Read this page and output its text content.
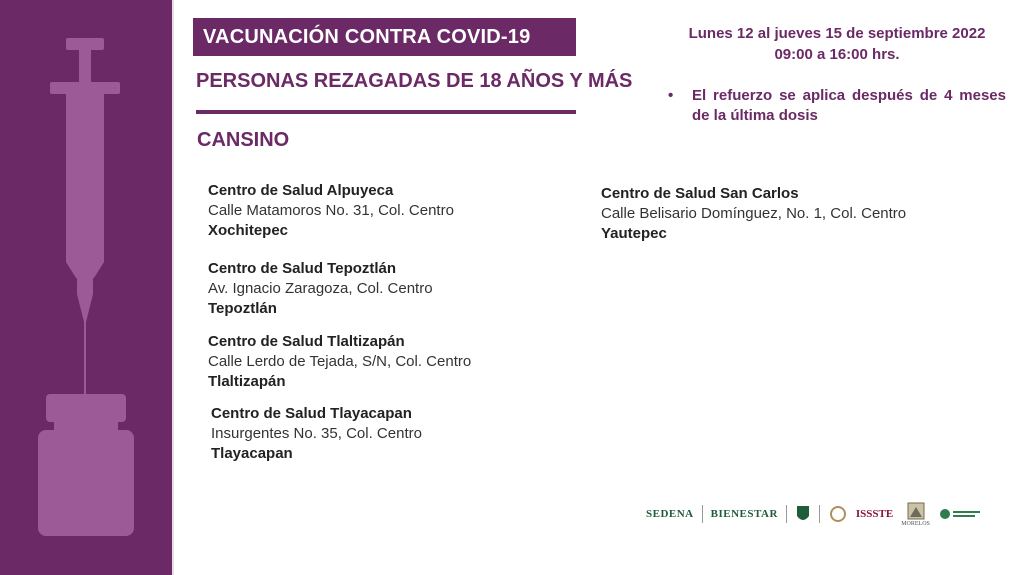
VACUNACIÓN CONTRA COVID-19
PERSONAS REZAGADAS DE 18 AÑOS Y MÁS
CANSINO
Lunes 12 al jueves 15 de septiembre 2022
09:00 a 16:00 hrs.
• El refuerzo se aplica después de 4 meses de la última dosis
Centro de Salud Alpuyeca
Calle Matamoros No. 31, Col. Centro
Xochitepec
Centro de Salud Tepoztlán
Av. Ignacio Zaragoza, Col. Centro
Tepoztlán
Centro de Salud Tlaltizapán
Calle Lerdo de Tejada, S/N, Col. Centro
Tlaltizapán
Centro de Salud Tlayacapan
Insurgentes No. 35, Col. Centro
Tlayacapan
Centro de Salud San Carlos
Calle Belisario Domínguez, No. 1, Col. Centro
Yautepec
SEDENA BIENESTAR	ISSSTE
MORELOS
